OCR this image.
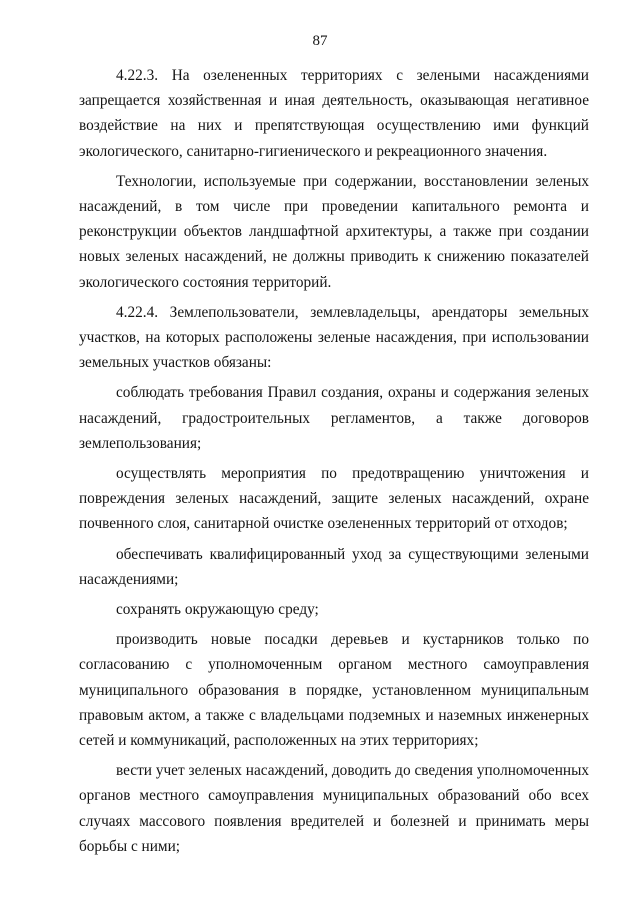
87

4.22.3. На озелененных территориях с зелеными насаждениями запрещается хозяйственная и иная деятельность, оказывающая негативное воздействие на них и препятствующая осуществлению ими функций экологического, санитарно-гигиенического и рекреационного значения.

Технологии, используемые при содержании, восстановлении зеленых насаждений, в том числе при проведении капитального ремонта и реконструкции объектов ландшафтной архитектуры, а также при создании новых зеленых насаждений, не должны приводить к снижению показателей экологического состояния территорий.

4.22.4. Землепользователи, землевладельцы, арендаторы земельных участков, на которых расположены зеленые насаждения, при использовании земельных участков обязаны:

соблюдать требования Правил создания, охраны и содержания зеленых насаждений, градостроительных регламентов, а также договоров землепользования;

осуществлять мероприятия по предотвращению уничтожения и повреждения зеленых насаждений, защите зеленых насаждений, охране почвенного слоя, санитарной очистке озелененных территорий от отходов;

обеспечивать квалифицированный уход за существующими зелеными насаждениями;

сохранять окружающую среду;

производить новые посадки деревьев и кустарников только по согласованию с уполномоченным органом местного самоуправления муниципального образования в порядке, установленном муниципальным правовым актом, а также с владельцами подземных и наземных инженерных сетей и коммуникаций, расположенных на этих территориях;

вести учет зеленых насаждений, доводить до сведения уполномоченных органов местного самоуправления муниципальных образований обо всех случаях массового появления вредителей и болезней и принимать меры борьбы с ними;
